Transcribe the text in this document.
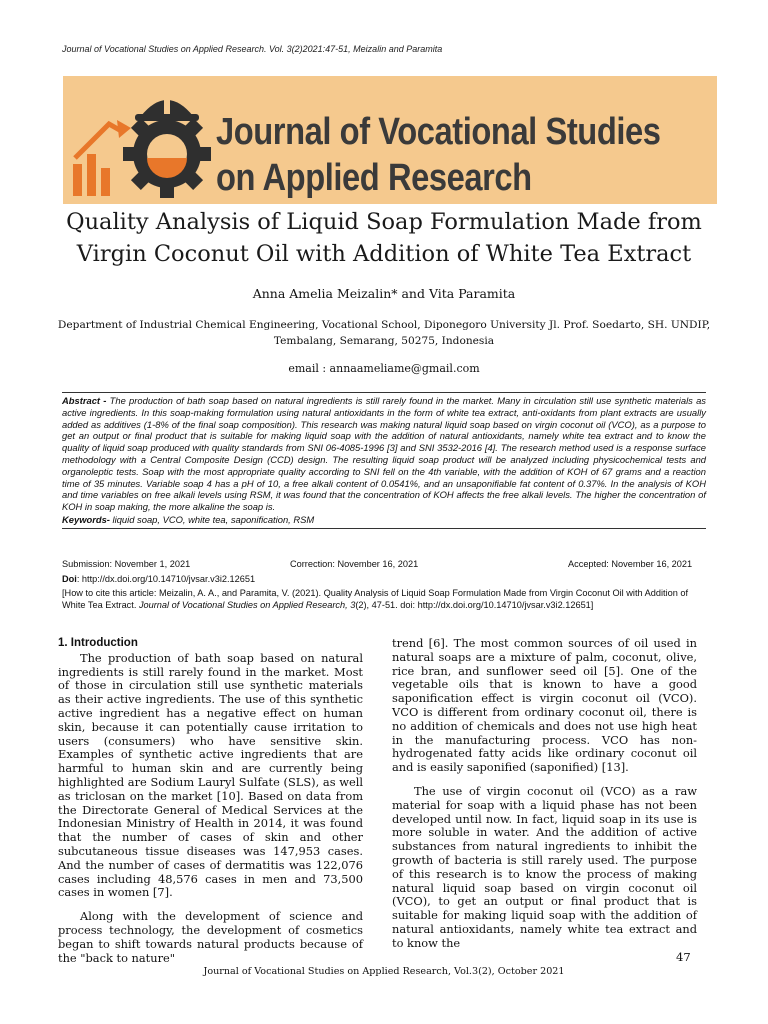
Journal of Vocational Studies on Applied Research. Vol. 3(2)2021:47-51, Meizalin and Paramita
Journal of Vocational Studies
on Applied Research
Quality Analysis of Liquid Soap Formulation Made from
Virgin Coconut Oil with Addition of White Tea Extract
Anna Amelia Meizalin* and Vita Paramita
Department of Industrial Chemical Engineering, Vocational School, Diponegoro University Jl. Prof. Soedarto, SH. UNDIP,
Tembalang, Semarang, 50275, Indonesia
email : annaameliame@gmail.com
Abstract - The production of bath soap based on natural ingredients is still rarely found in the market. Many in circulation still use synthetic materials as active ingredients. In this soap-making formulation using natural antioxidants in the form of white tea extract, anti-oxidants from plant extracts are usually added as additives (1-8% of the final soap composition). This research was making natural liquid soap based on virgin coconut oil (VCO), as a purpose to get an output or final product that is suitable for making liquid soap with the addition of natural antioxidants, namely white tea extract and to know the quality of liquid soap produced with quality standards from SNI 06-4085-1996 [3] and SNI 3532-2016 [4]. The research method used is a response surface methodology with a Central Composite Design (CCD) design. The resulting liquid soap product will be analyzed including physicochemical tests and organoleptic tests. Soap with the most appropriate quality according to SNI fell on the 4th variable, with the addition of KOH of 67 grams and a reaction time of 35 minutes. Variable soap 4 has a pH of 10, a free alkali content of 0.0541%, and an unsaponifiable fat content of 0.37%. In the analysis of KOH and time variables on free alkali levels using RSM, it was found that the concentration of KOH affects the free alkali levels. The higher the concentration of KOH in soap making, the more alkaline the soap is.
Keywords- liquid soap, VCO, white tea, saponification, RSM
Submission: November 1, 2021	Correction: November 16, 2021	Accepted: November 16, 2021
Doi: http://dx.doi.org/10.14710/jvsar.v3i2.12651
[How to cite this article: Meizalin, A. A., and Paramita, V. (2021). Quality Analysis of Liquid Soap Formulation Made from Virgin Coconut Oil with Addition of White Tea Extract. Journal of Vocational Studies on Applied Research, 3(2), 47-51. doi: http://dx.doi.org/10.14710/jvsar.v3i2.12651]
1. Introduction

The production of bath soap based on natural ingredients is still rarely found in the market. Most of those in circulation still use synthetic materials as their active ingredients. The use of this synthetic active ingredient has a negative effect on human skin, because it can potentially cause irritation to users (consumers) who have sensitive skin. Examples of synthetic active ingredients that are harmful to human skin and are currently being highlighted are Sodium Lauryl Sulfate (SLS), as well as triclosan on the market [10]. Based on data from the Directorate General of Medical Services at the Indonesian Ministry of Health in 2014, it was found that the number of cases of skin and other subcutaneous tissue diseases was 147,953 cases. And the number of cases of dermatitis was 122,076 cases including 48,576 cases in men and 73,500 cases in women [7].

Along with the development of science and process technology, the development of cosmetics began to shift towards natural products because of the "back to nature"

trend [6]. The most common sources of oil used in natural soaps are a mixture of palm, coconut, olive, rice bran, and sunflower seed oil [5]. One of the vegetable oils that is known to have a good saponification effect is virgin coconut oil (VCO). VCO is different from ordinary coconut oil, there is no addition of chemicals and does not use high heat in the manufacturing process. VCO has non-hydrogenated fatty acids like ordinary coconut oil and is easily saponified (saponified) [13].

The use of virgin coconut oil (VCO) as a raw material for soap with a liquid phase has not been developed until now. In fact, liquid soap in its use is more soluble in water. And the addition of active substances from natural ingredients to inhibit the growth of bacteria is still rarely used. The purpose of this research is to know the process of making natural liquid soap based on virgin coconut oil (VCO), to get an output or final product that is suitable for making liquid soap with the addition of natural antioxidants, namely white tea extract and to know the

47
Journal of Vocational Studies on Applied Research, Vol.3(2), October 2021
